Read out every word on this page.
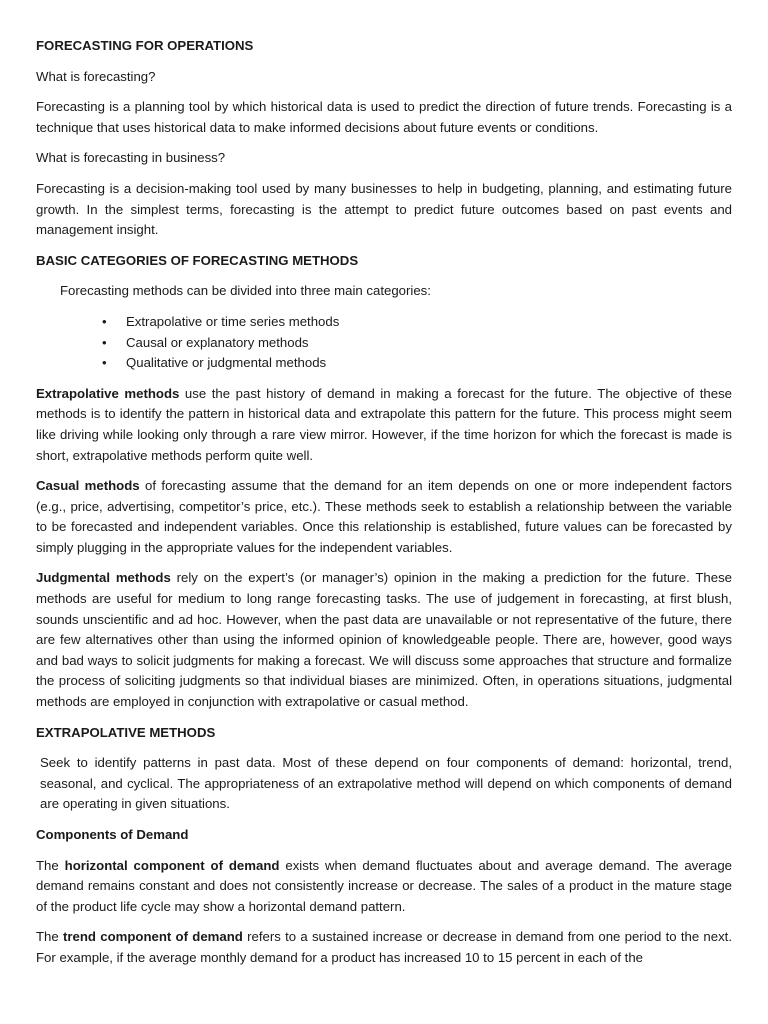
FORECASTING FOR OPERATIONS
What is forecasting?
Forecasting is a planning tool by which historical data is used to predict the direction of future trends. Forecasting is a technique that uses historical data to make informed decisions about future events or conditions.
What is forecasting in business?
Forecasting is a decision-making tool used by many businesses to help in budgeting, planning, and estimating future growth. In the simplest terms, forecasting is the attempt to predict future outcomes based on past events and management insight.
BASIC CATEGORIES OF FORECASTING METHODS
Forecasting methods can be divided into three main categories:
• Extrapolative or time series methods
• Causal or explanatory methods
• Qualitative or judgmental methods

Extrapolative methods use the past history of demand in making a forecast for the future. The objective of these methods is to identify the pattern in historical data and extrapolate this pattern for the future. This process might seem like driving while looking only through a rare view mirror. However, if the time horizon for which the forecast is made is short, extrapolative methods perform quite well.

Casual methods of forecasting assume that the demand for an item depends on one or more independent factors (e.g., price, advertising, competitor’s price, etc.). These methods seek to establish a relationship between the variable to be forecasted and independent variables. Once this relationship is established, future values can be forecasted by simply plugging in the appropriate values for the independent variables.

Judgmental methods rely on the expert’s (or manager’s) opinion in the making a prediction for the future. These methods are useful for medium to long range forecasting tasks. The use of judgement in forecasting, at first blush, sounds unscientific and ad hoc. However, when the past data are unavailable or not representative of the future, there are few alternatives other than using the informed opinion of knowledgeable people. There are, however, good ways and bad ways to solicit judgments for making a forecast. We will discuss some approaches that structure and formalize the process of soliciting judgments so that individual biases are minimized. Often, in operations situations, judgmental methods are employed in conjunction with extrapolative or casual method.

EXTRAPOLATIVE METHODS
Seek to identify patterns in past data. Most of these depend on four components of demand: horizontal, trend, seasonal, and cyclical. The appropriateness of an extrapolative method will depend on which components of demand are operating in given situations.
Components of Demand

The horizontal component of demand exists when demand fluctuates about and average demand. The average demand remains constant and does not consistently increase or decrease. The sales of a product in the mature stage of the product life cycle may show a horizontal demand pattern.

The trend component of demand refers to a sustained increase or decrease in demand from one period to the next. For example, if the average monthly demand for a product has increased 10 to 15 percent in each of the
